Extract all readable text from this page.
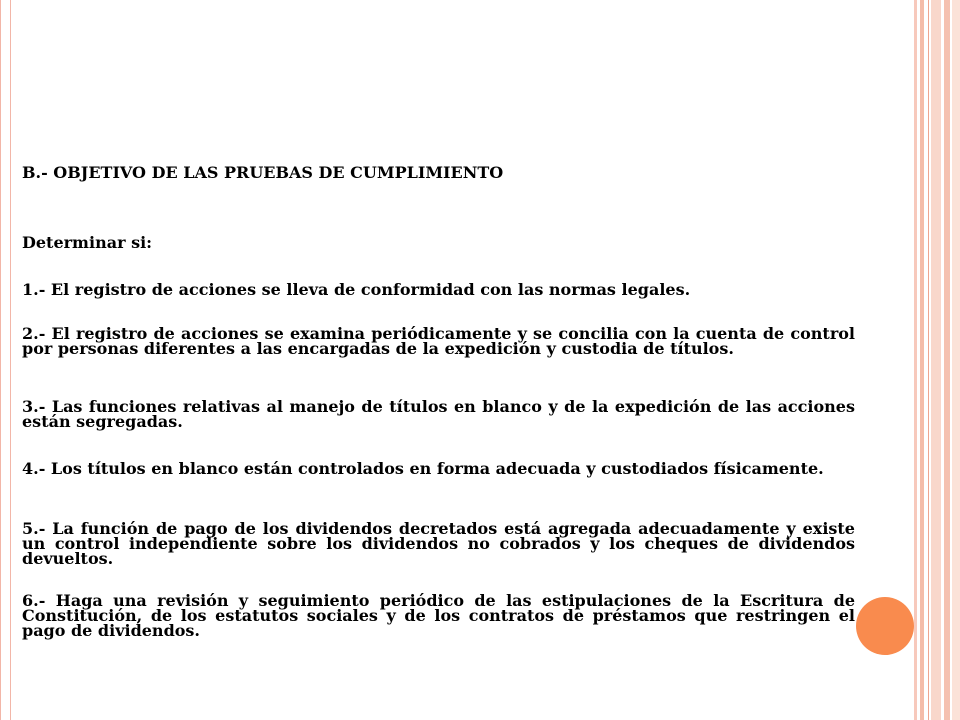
B.- OBJETIVO DE LAS PRUEBAS DE CUMPLIMIENTO
Determinar si:
1.- El registro de acciones se lleva de conformidad con las normas legales.
2.- El registro de acciones se examina periódicamente y se concilia con la cuenta de control por personas diferentes a las encargadas de la expedición y custodia de títulos.
3.- Las funciones relativas al manejo de títulos en blanco y de la expedición de las acciones están segregadas.
4.- Los títulos en blanco están controlados en forma adecuada y custodiados físicamente.
5.- La función de pago de los dividendos decretados está agregada adecuadamente y existe un control independiente sobre los dividendos no cobrados y los cheques de dividendos devueltos.
6.- Haga una revisión y seguimiento periódico de las estipulaciones de la Escritura de Constitución, de los estatutos sociales y de los contratos de préstamos que restringen el pago de dividendos.
